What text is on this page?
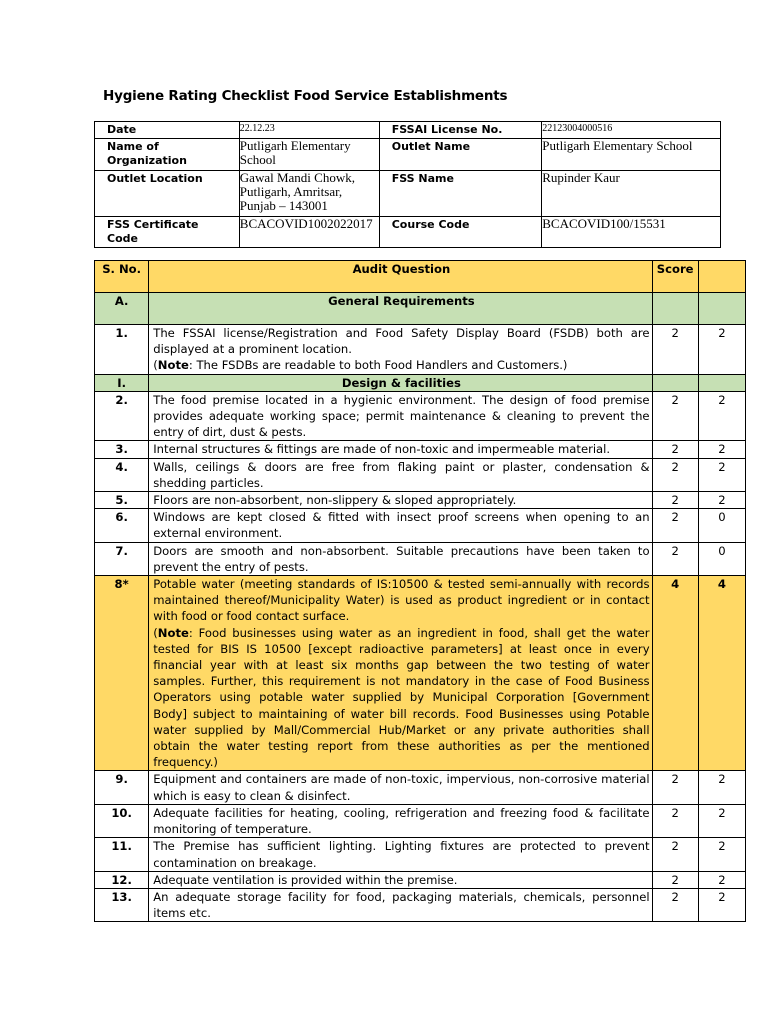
Hygiene Rating Checklist Food Service Establishments
Date	22.12.23	FSSAI License No.	22123004000516
Name of Organization	Putligarh Elementary School	Outlet Name	Putligarh Elementary School
Outlet Location	Gawal Mandi Chowk, Putligarh, Amritsar, Punjab – 143001	FSS Name	Rupinder Kaur
FSS Certificate Code	BCACOVID1002022017	Course Code	BCACOVID100/15531
S. No.	Audit Question	Score	
A.	General Requirements		
1.	The FSSAI license/Registration and Food Safety Display Board (FSDB) both are displayed at a prominent location.
(Note: The FSDBs are readable to both Food Handlers and Customers.)	2	2
I.	Design & facilities		
2.	The food premise located in a hygienic environment. The design of food premise provides adequate working space; permit maintenance & cleaning to prevent the entry of dirt, dust & pests.	2	2
3.	Internal structures & fittings are made of non-toxic and impermeable material.	2	2
4.	Walls, ceilings & doors are free from flaking paint or plaster, condensation & shedding particles.	2	2
5.	Floors are non-absorbent, non-slippery & sloped appropriately.	2	2
6.	Windows are kept closed & fitted with insect proof screens when opening to an external environment.	2	0
7.	Doors are smooth and non-absorbent. Suitable precautions have been taken to prevent the entry of pests.	2	0
8*	Potable water (meeting standards of IS:10500 & tested semi-annually with records maintained thereof/Municipality Water) is used as product ingredient or in contact with food or food contact surface.
(Note: Food businesses using water as an ingredient in food, shall get the water tested for BIS IS 10500 [except radioactive parameters] at least once in every financial year with at least six months gap between the two testing of water samples. Further, this requirement is not mandatory in the case of Food Business Operators using potable water supplied by Municipal Corporation [Government Body] subject to maintaining of water bill records. Food Businesses using Potable water supplied by Mall/Commercial Hub/Market or any private authorities shall obtain the water testing report from these authorities as per the mentioned frequency.)	4	4
9.	Equipment and containers are made of non-toxic, impervious, non-corrosive material which is easy to clean & disinfect.	2	2
10.	Adequate facilities for heating, cooling, refrigeration and freezing food & facilitate monitoring of temperature.	2	2
11.	The Premise has sufficient lighting. Lighting fixtures are protected to prevent contamination on breakage.	2	2
12.	Adequate ventilation is provided within the premise.	2	2
13.	An adequate storage facility for food, packaging materials, chemicals, personnel items etc.	2	2
